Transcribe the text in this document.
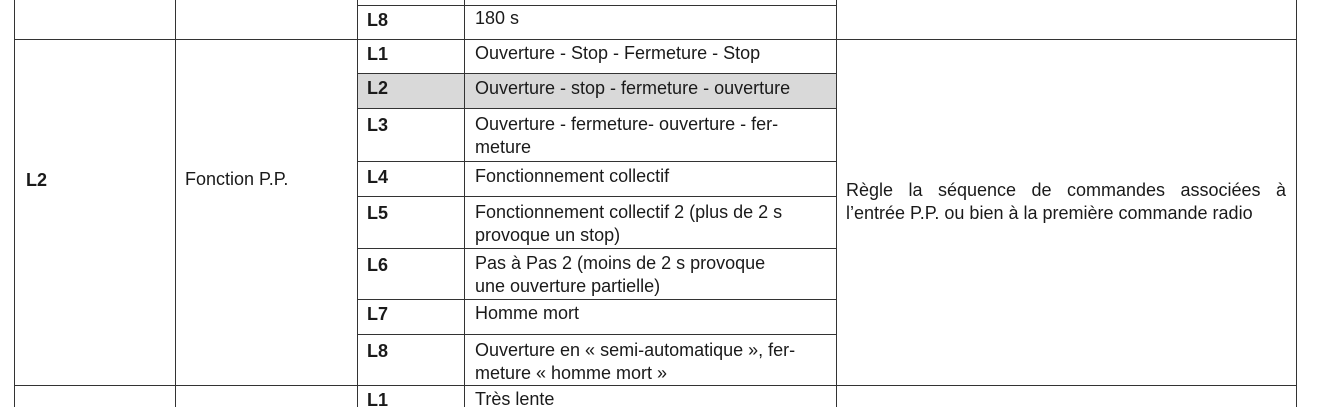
L8	180 s
L2	Fonction P.P.
Règle la séquence de commandes associées à l’entrée P.P. ou bien à la première commande radio
L1	Ouverture - Stop - Fermeture - Stop
L2	Ouverture - stop - fermeture - ouverture
L3	Ouverture - fermeture- ouverture - fer-
meture
L4	Fonctionnement collectif
L5	Fonctionnement collectif 2 (plus de 2 s
provoque un stop)
L6	Pas à Pas 2 (moins de 2 s provoque
une ouverture partielle)
L7	Homme mort
L8	Ouverture en « semi-automatique », fer-
meture « homme mort »
L1	Très lente
